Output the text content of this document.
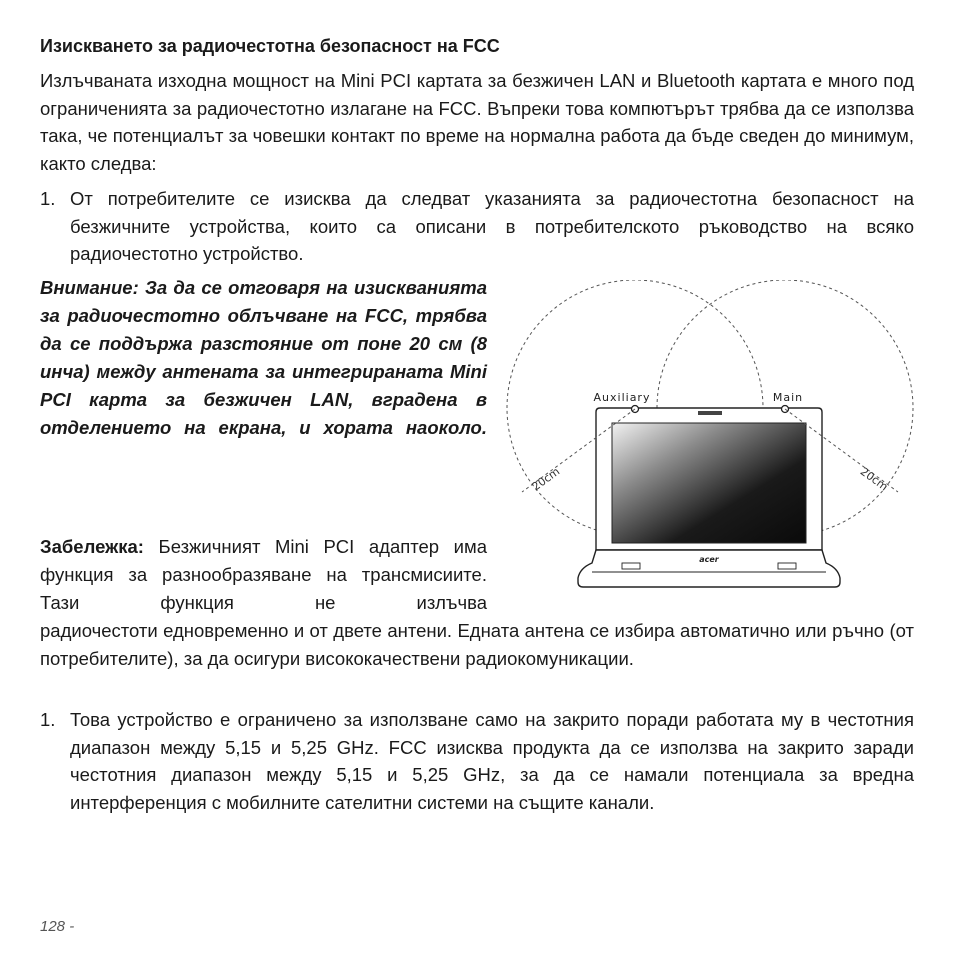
Изискването за радиочестотна безопасност на FCC

Излъчваната изходна мощност на Mini PCI картата за безжичен LAN и Bluetooth картата е много под ограниченията за радиочестотно излагане на FCC. Въпреки това компютърът трябва да се използва така, че потенциалът за човешки контакт по време на нормална работа да бъде сведен до минимум, както следва:

1. От потребителите се изисква да следват указанията за радиочестотна безопасност на безжичните устройства, които са описани в потребителското ръководство на всяко радиочестотно устройство.

Внимание: За да се отговаря на изискванията за радиочестотно облъчване на FCC, трябва да се поддържа разстояние от поне 20 см (8 инча) между антената за интегрираната Mini PCI карта за безжичен LAN, вградена в отделението на екрана, и хората наоколо.

Забележка: Безжичният Mini PCI адаптер има функция за разнообразяване на трансмисиите. Тази функция не излъчва

радиочестоти едновременно и от двете антени. Едната антена се избира автоматично или ръчно (от потребителите), за да осигури висококачествени радиокомуникации.

1. Това устройство е ограничено за използване само на закрито поради работата му в честотния диапазон между 5,15 и 5,25 GHz. FCC изисква продукта да се използва на закрито заради честотния диапазон между 5,15 и 5,25 GHz, за да се намали потенциала за вредна интерференция с мобилните сателитни системи на същите канали.
Auxiliary	Main
20cm	20cm
acer
128 -
